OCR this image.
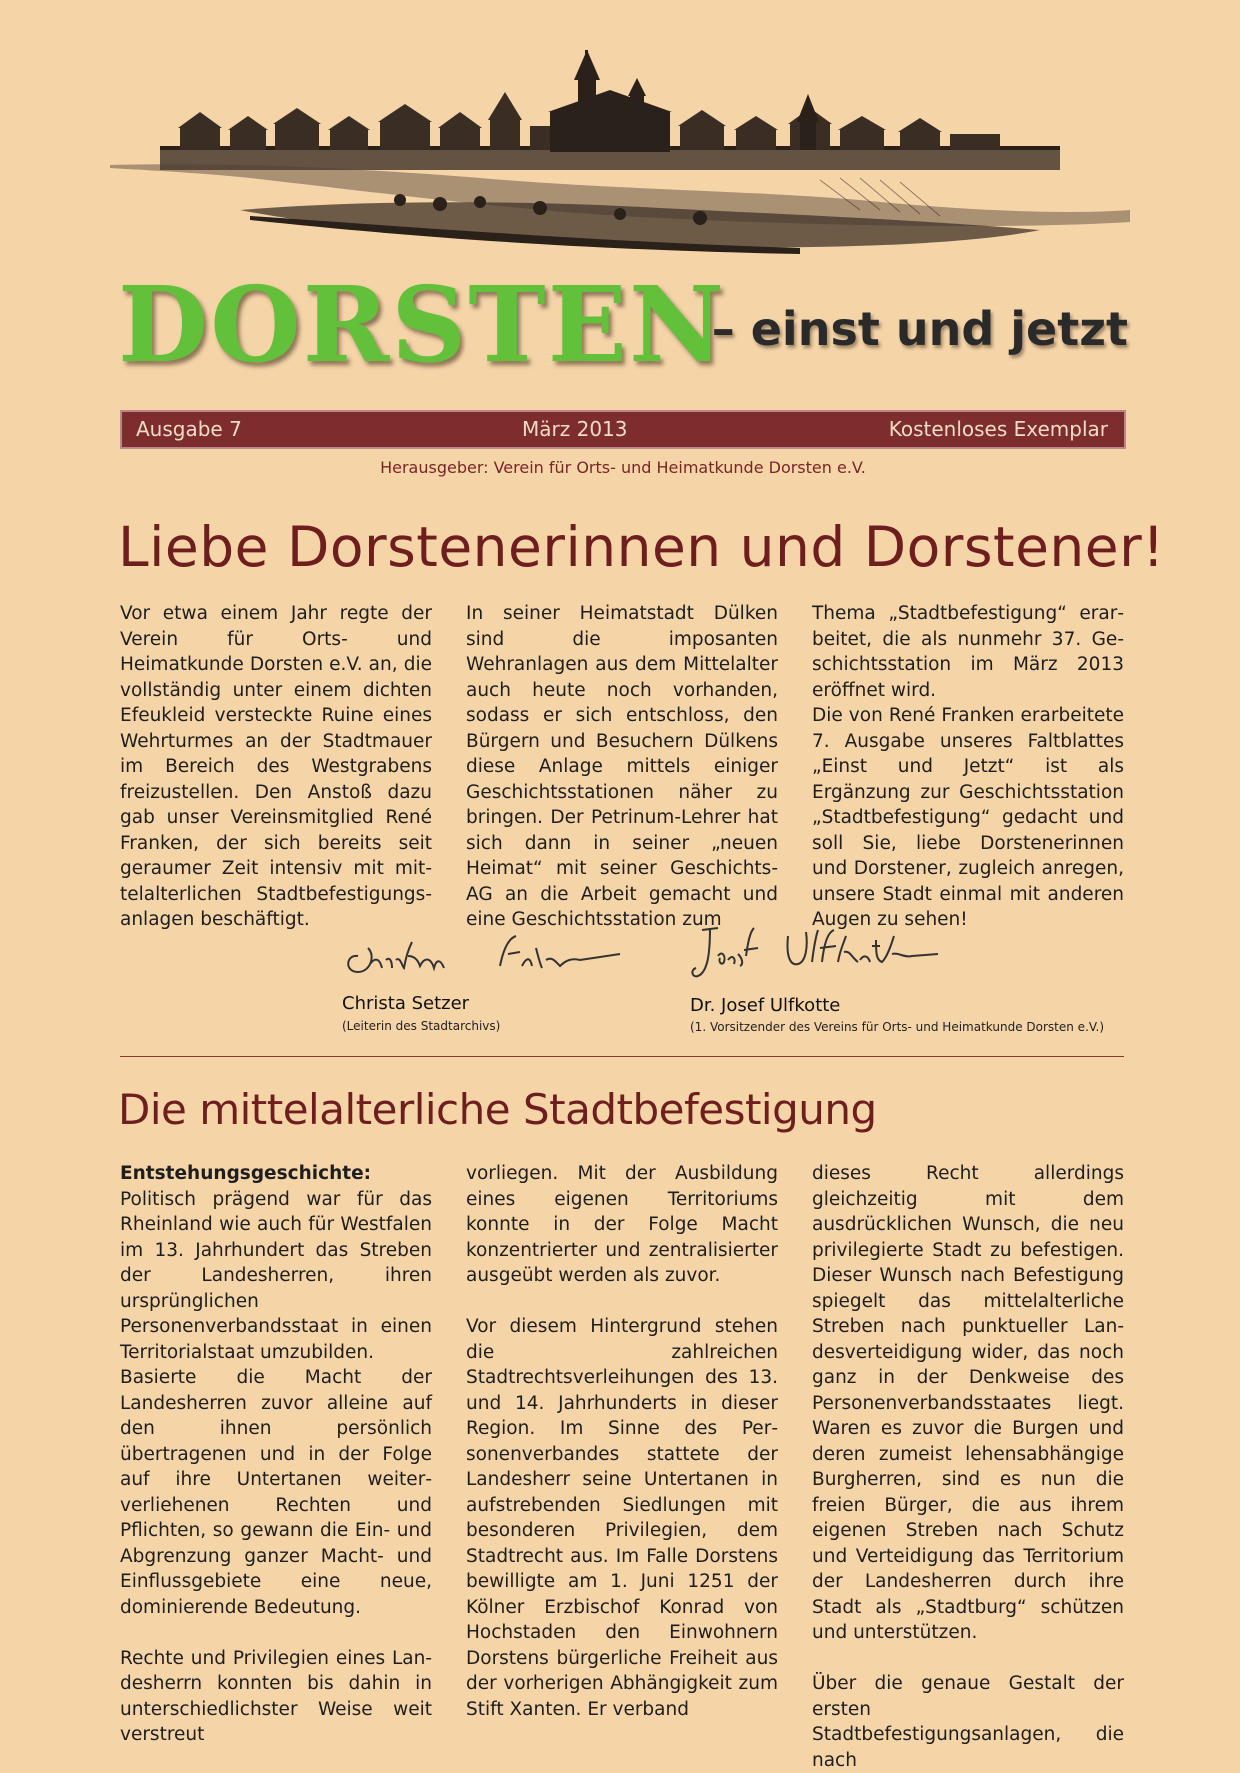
DORSTEN
– einst und jetzt
Ausgabe 7	März 2013	Kostenloses Exemplar
Herausgeber: Verein für Orts- und Heimatkunde Dorsten e.V.
Liebe Dorstenerinnen und Dorstener!

Vor etwa einem Jahr regte der Verein für Orts- und Heimatkunde Dorsten e.V. an, die vollständig unter einem dichten Efeukleid versteckte Ruine eines Wehrturmes an der Stadtmauer im Bereich des Westgrabens freizustellen. Den Anstoß dazu gab unser Vereinsmitglied René Franken, der sich bereits seit geraumer Zeit intensiv mit mittelalterlichen Stadtbefestigungsanlagen beschäftigt.

In seiner Heimatstadt Dülken sind die imposanten Wehranlagen aus dem Mittelalter auch heute noch vorhanden, sodass er sich entschloss, den Bürgern und Besuchern Dülkens diese Anlage mittels einiger Geschichtsstationen näher zu bringen. Der Petrinum-Lehrer hat sich dann in seiner „neuen Heimat“ mit seiner Geschichts-AG an die Arbeit gemacht und eine Geschichtsstation zum

Thema „Stadtbefestigung“ erarbeitet, die als nunmehr 37. Geschichtsstation im März 2013 eröffnet wird.

Die von René Franken erarbeitete 7. Ausgabe unseres Faltblattes „Einst und Jetzt“ ist als Ergänzung zur Geschichtsstation „Stadtbefestigung“ gedacht und soll Sie, liebe Dorstenerinnen und Dorstener, zugleich anregen, unsere Stadt einmal mit anderen Augen zu sehen!

Christa Setzer
(Leiterin des Stadtarchivs)
Dr. Josef Ulfkotte
(1. Vorsitzender des Vereins für Orts- und Heimatkunde Dorsten e.V.)
Die mittelalterliche Stadtbefestigung

Entstehungsgeschichte:

Politisch prägend war für das Rheinland wie auch für Westfalen im 13. Jahrhundert das Streben der Landesherren, ihren ursprünglichen Personenverbandsstaat in einen Territorialstaat umzubilden.

Basierte die Macht der Landesherren zuvor alleine auf den ihnen persönlich übertragenen und in der Folge auf ihre Untertanen weiterverliehenen Rechten und Pflichten, so gewann die Ein- und Abgrenzung ganzer Macht- und Einflussgebiete eine neue, dominierende Bedeutung.

Rechte und Privilegien eines Landesherrn konnten bis dahin in unterschiedlichster Weise weit verstreut

vorliegen. Mit der Ausbildung eines eigenen Territoriums konnte in der Folge Macht konzentrierter und zentralisierter ausgeübt werden als zuvor.

Vor diesem Hintergrund stehen die zahlreichen Stadtrechtsverleihungen des 13. und 14. Jahrhunderts in dieser Region. Im Sinne des Personenverbandes stattete der Landesherr seine Untertanen in aufstrebenden Siedlungen mit besonderen Privilegien, dem Stadtrecht aus. Im Falle Dorstens bewilligte am 1. Juni 1251 der Kölner Erzbischof Konrad von Hochstaden den Einwohnern Dorstens bürgerliche Freiheit aus der vorherigen Abhängigkeit zum Stift Xanten. Er verband

dieses Recht allerdings gleichzeitig mit dem ausdrücklichen Wunsch, die neu privilegierte Stadt zu befestigen. Dieser Wunsch nach Befestigung spiegelt das mittelalterliche Streben nach punktueller Landesverteidigung wider, das noch ganz in der Denkweise des Personenverbandsstaates liegt. Waren es zuvor die Burgen und deren zumeist lehensabhängige Burgherren, sind es nun die freien Bürger, die aus ihrem eigenen Streben nach Schutz und Verteidigung das Territorium der Landesherren durch ihre Stadt als „Stadtburg“ schützen und unterstützen.

Über die genaue Gestalt der ersten Stadtbefestigungsanlagen, die nach
